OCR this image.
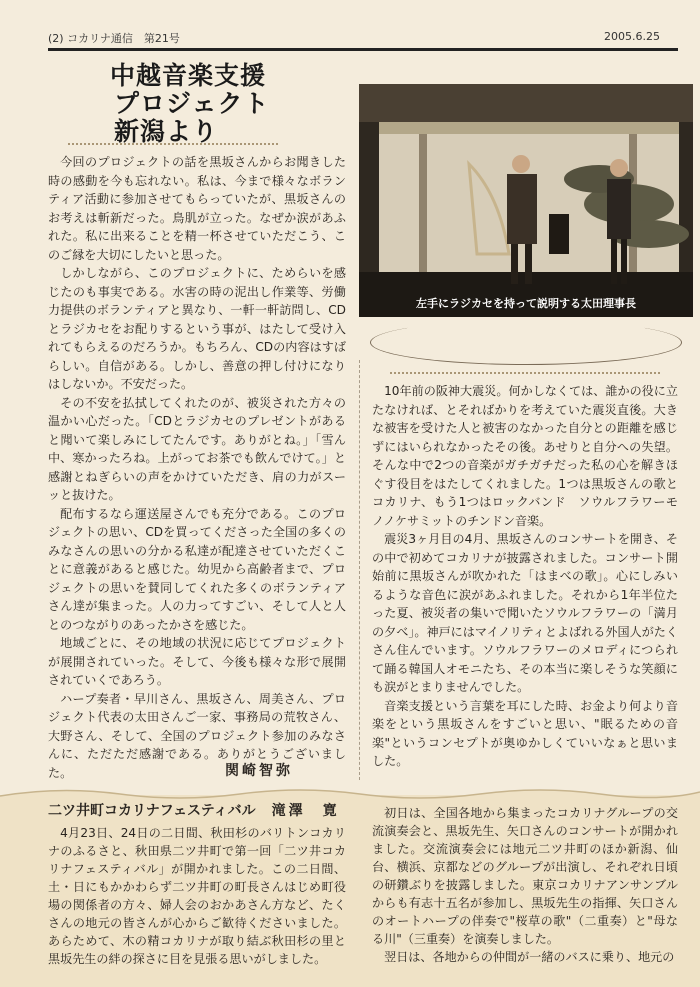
(2) コカリナ通信　第21号	2005.6.25
中越音楽支援
プロジェクト
新潟より
左手にラジカセを持って説明する太田理事長

今回のプロジェクトの話を黒坂さんからお聞きした時の感動を今も忘れない。私は、今まで様々なボランティア活動に参加させてもらっていたが、黒坂さんのお考えは斬新だった。鳥肌が立った。なぜか涙があふれた。私に出来ることを精一杯させていただこう、このご縁を大切にしたいと思った。

しかしながら、このプロジェクトに、ためらいを感じたのも事実である。水害の時の泥出し作業等、労働力提供のボランティアと異なり、一軒一軒訪問し、CDとラジカセをお配りするという事が、はたして受け入れてもらえるのだろうか。もちろん、CDの内容はすばらしい。自信がある。しかし、善意の押し付けになりはしないか。不安だった。

その不安を払拭してくれたのが、被災された方々の温かい心だった。「CDとラジカセのプレゼントがあると聞いて楽しみにしてたんです。ありがとね。」「雪ん中、寒かったろね。上がってお茶でも飲んでけて。」と感謝とねぎらいの声をかけていただき、肩の力がスーッと抜けた。

配布するなら運送屋さんでも充分である。このプロジェクトの思い、CDを買ってくださった全国の多くのみなさんの思いの分かる私達が配達させていただくことに意義があると感じた。幼児から高齢者まで、プロジェクトの思いを賛同してくれた多くのボランティアさん達が集まった。人の力ってすごい、そして人と人とのつながりのあったかさを感じた。

地域ごとに、その地域の状況に応じてプロジェクトが展開されていった。そして、今後も様々な形で展開されていくであろう。

ハープ奏者・早川さん、黒坂さん、周美さん、プロジェクト代表の太田さんご一家、事務局の荒牧さん、大野さん、そして、全国のプロジェクト参加のみなさんに、ただただ感謝である。ありがとうございました。	関崎智弥

10年前の阪神大震災。何かしなくては、誰かの役に立たなければ、とそればかりを考えていた震災直後。大きな被害を受けた人と被害のなかった自分との距離を感じずにはいられなかったその後。あせりと自分への失望。そんな中で2つの音楽がガチガチだった私の心を解きほぐす役目をはたしてくれました。1つは黒坂さんの歌とコカリナ、もう1つはロックバンド　ソウルフラワーモノノケサミットのチンドン音楽。

震災3ヶ月目の4月、黒坂さんのコンサートを開き、その中で初めてコカリナが披露されました。コンサート開始前に黒坂さんが吹かれた「はまべの歌」。心にしみいるような音色に涙があふれました。それから1年半位たった夏、被災者の集いで聞いたソウルフラワーの「満月の夕べ」。神戸にはマイノリティとよばれる外国人がたくさん住んでいます。ソウルフラワーのメロディにつられて踊る韓国人オモニたち、その本当に楽しそうな笑顔にも涙がとまりませんでした。

音楽支援という言葉を耳にした時、お金より何より音楽をという黒坂さんをすごいと思い、"眠るための音楽"というコンセプトが奥ゆかしくていいなぁと思いました。

二ツ井町コカリナフェスティバル 滝澤　寛

4月23日、24日の二日間、秋田杉のバリトンコカリナのふるさと、秋田県二ツ井町で第一回「二ツ井コカリナフェスティバル」が開かれました。この二日間、土・日にもかかわらず二ツ井町の町長さんはじめ町役場の関係者の方々、婦人会のおかあさん方など、たくさんの地元の皆さんが心からご歓待くださいました。あらためて、木の精コカリナが取り結ぶ秋田杉の里と黒坂先生の絆の探さに目を見張る思いがしました。

初日は、全国各地から集まったコカリナグループの交流演奏会と、黒坂先生、矢口さんのコンサートが開かれました。交流演奏会には地元二ツ井町のほか新潟、仙台、横浜、京都などのグループが出演し、それぞれ日頃の研鑽ぶりを披露しました。東京コカリナアンサンブルからも有志十五名が参加し、黒坂先生の指揮、矢口さんのオートハープの伴奏で"桜草の歌"（二重奏）と"母なる川"（三重奏）を演奏しました。

翌日は、各地からの仲間が一緒のバスに乗り、地元の
